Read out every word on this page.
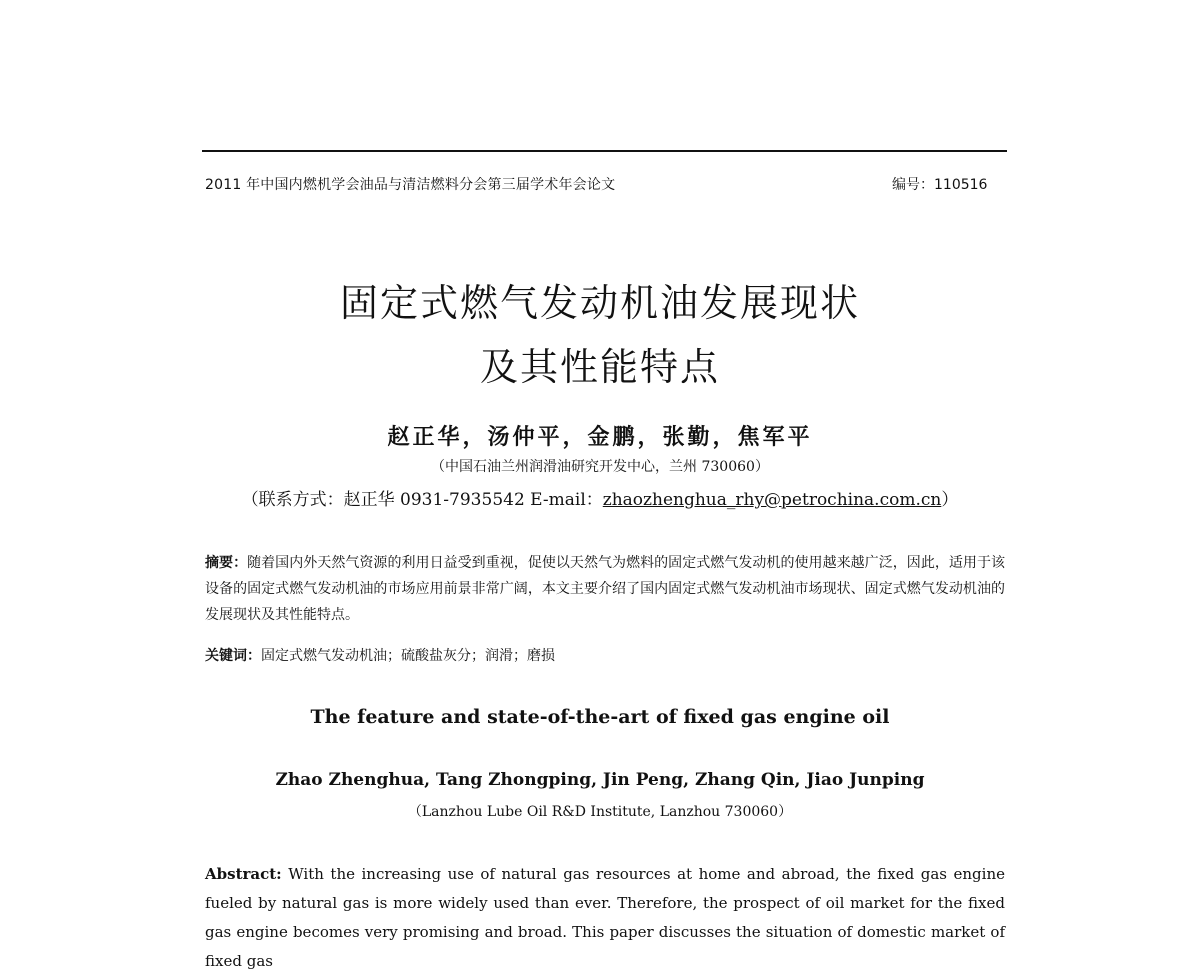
2011 年中国内燃机学会油品与清洁燃料分会第三届学术年会论文	编号：110516
固定式燃气发动机油发展现状
及其性能特点
赵正华，汤仲平，金鹏，张勤，焦军平
（中国石油兰州润滑油研究开发中心，兰州 730060）
（联系方式：赵正华 0931-7935542 E-mail：zhaozhenghua_rhy@petrochina.com.cn）
摘要：随着国内外天然气资源的利用日益受到重视，促使以天然气为燃料的固定式燃气发动机的使用越来越广泛，因此，适用于该设备的固定式燃气发动机油的市场应用前景非常广阔，本文主要介绍了国内固定式燃气发动机油市场现状、固定式燃气发动机油的发展现状及其性能特点。
关键词：固定式燃气发动机油；硫酸盐灰分；润滑；磨损
The feature and state-of-the-art of fixed gas engine oil
Zhao Zhenghua, Tang Zhongping, Jin Peng, Zhang Qin, Jiao Junping
（Lanzhou Lube Oil R&D Institute, Lanzhou 730060）
Abstract: With the increasing use of natural gas resources at home and abroad, the fixed gas engine fueled by natural gas is more widely used than ever. Therefore, the prospect of oil market for the fixed gas engine becomes very promising and broad. This paper discusses the situation of domestic market of fixed gas
